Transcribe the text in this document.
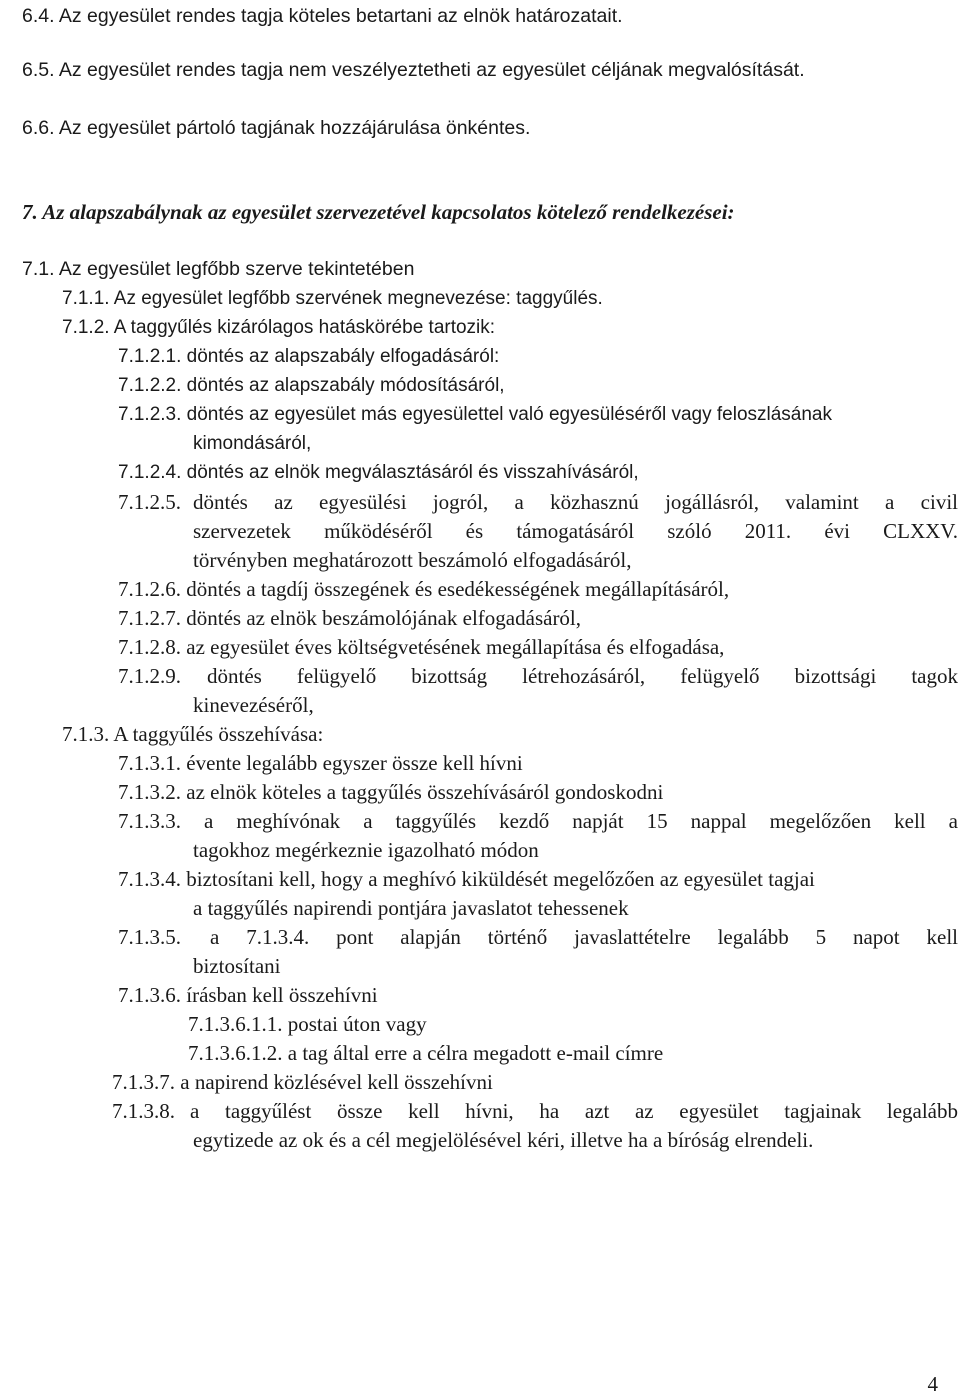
6.4. Az egyesület rendes tagja köteles betartani az elnök határozatait.
6.5. Az egyesület rendes tagja nem veszélyeztetheti az egyesület céljának megvalósítását.
6.6. Az egyesület pártoló tagjának hozzájárulása önkéntes.
7. Az alapszabálynak az egyesület szervezetével kapcsolatos kötelező rendelkezései:
7.1. Az egyesület legfőbb szerve tekintetében
7.1.1. Az egyesület legfőbb szervének megnevezése: taggyűlés.
7.1.2. A taggyűlés kizárólagos hatáskörébe tartozik:
7.1.2.1. döntés az alapszabály elfogadásáról:
7.1.2.2. döntés az alapszabály módosításáról,
7.1.2.3. döntés az egyesület más egyesülettel való egyesüléséről vagy feloszlásának
kimondásáról,
7.1.2.4. döntés az elnök megválasztásáról és visszahívásáról,
7.1.2.5. döntés az egyesülési jogról, a közhasznú jogállásról, valamint a civil
szervezetek működéséről és támogatásáról szóló 2011. évi CLXXV.
törvényben meghatározott beszámoló elfogadásáról,
7.1.2.6. döntés a tagdíj összegének és esedékességének megállapításáról,
7.1.2.7. döntés az elnök beszámolójának elfogadásáról,
7.1.2.8. az egyesület éves költségvetésének megállapítása és elfogadása,
7.1.2.9. döntés felügyelő bizottság létrehozásáról, felügyelő bizottsági tagok
kinevezéséről,
7.1.3. A taggyűlés összehívása:
7.1.3.1. évente legalább egyszer össze kell hívni
7.1.3.2. az elnök köteles a taggyűlés összehívásáról gondoskodni
7.1.3.3. a meghívónak a taggyűlés kezdő napját 15 nappal megelőzően kell a
tagokhoz megérkeznie igazolható módon
7.1.3.4. biztosítani kell, hogy a meghívó kiküldését megelőzően az egyesület tagjai
a taggyűlés napirendi pontjára javaslatot tehessenek
7.1.3.5. a 7.1.3.4. pont alapján történő javaslattételre legalább 5 napot kell
biztosítani
7.1.3.6. írásban kell összehívni
7.1.3.6.1.1. postai úton vagy
7.1.3.6.1.2. a tag által erre a célra megadott e-mail címre
7.1.3.7. a napirend közlésével kell összehívni
7.1.3.8. a taggyűlést össze kell hívni, ha azt az egyesület tagjainak legalább
egytizede az ok és a cél megjelölésével kéri, illetve ha a bíróság elrendeli.
4
